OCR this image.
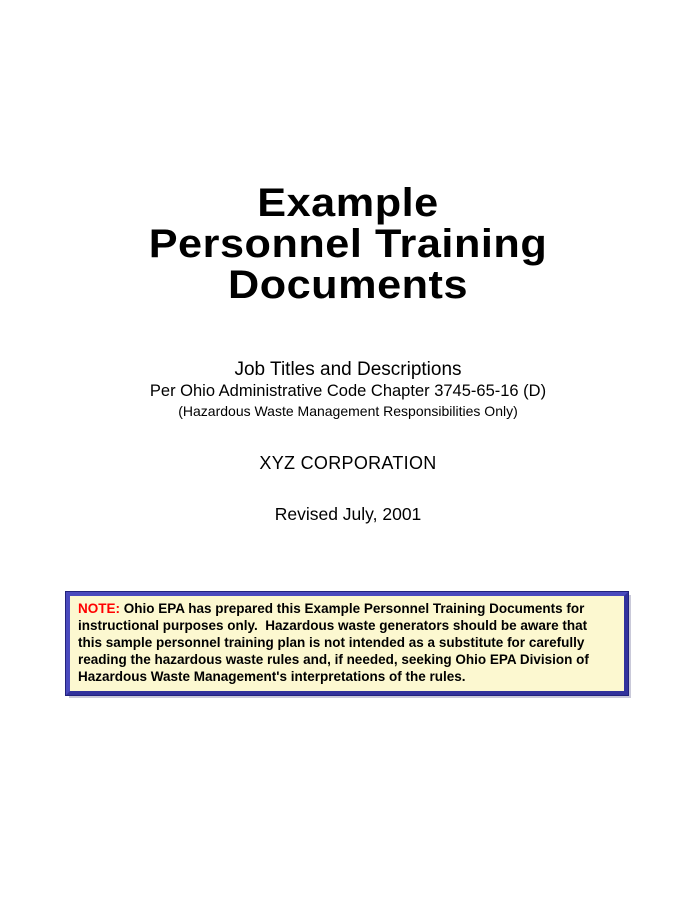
Example
Personnel Training
Documents
Job Titles and Descriptions
Per Ohio Administrative Code Chapter 3745-65-16 (D)
(Hazardous Waste Management Responsibilities Only)
XYZ CORPORATION
Revised July, 2001
NOTE: Ohio EPA has prepared this Example Personnel Training Documents for
instructional purposes only.  Hazardous waste generators should be aware that
this sample personnel training plan is not intended as a substitute for carefully
reading the hazardous waste rules and, if needed, seeking Ohio EPA Division of
Hazardous Waste Management's interpretations of the rules.
